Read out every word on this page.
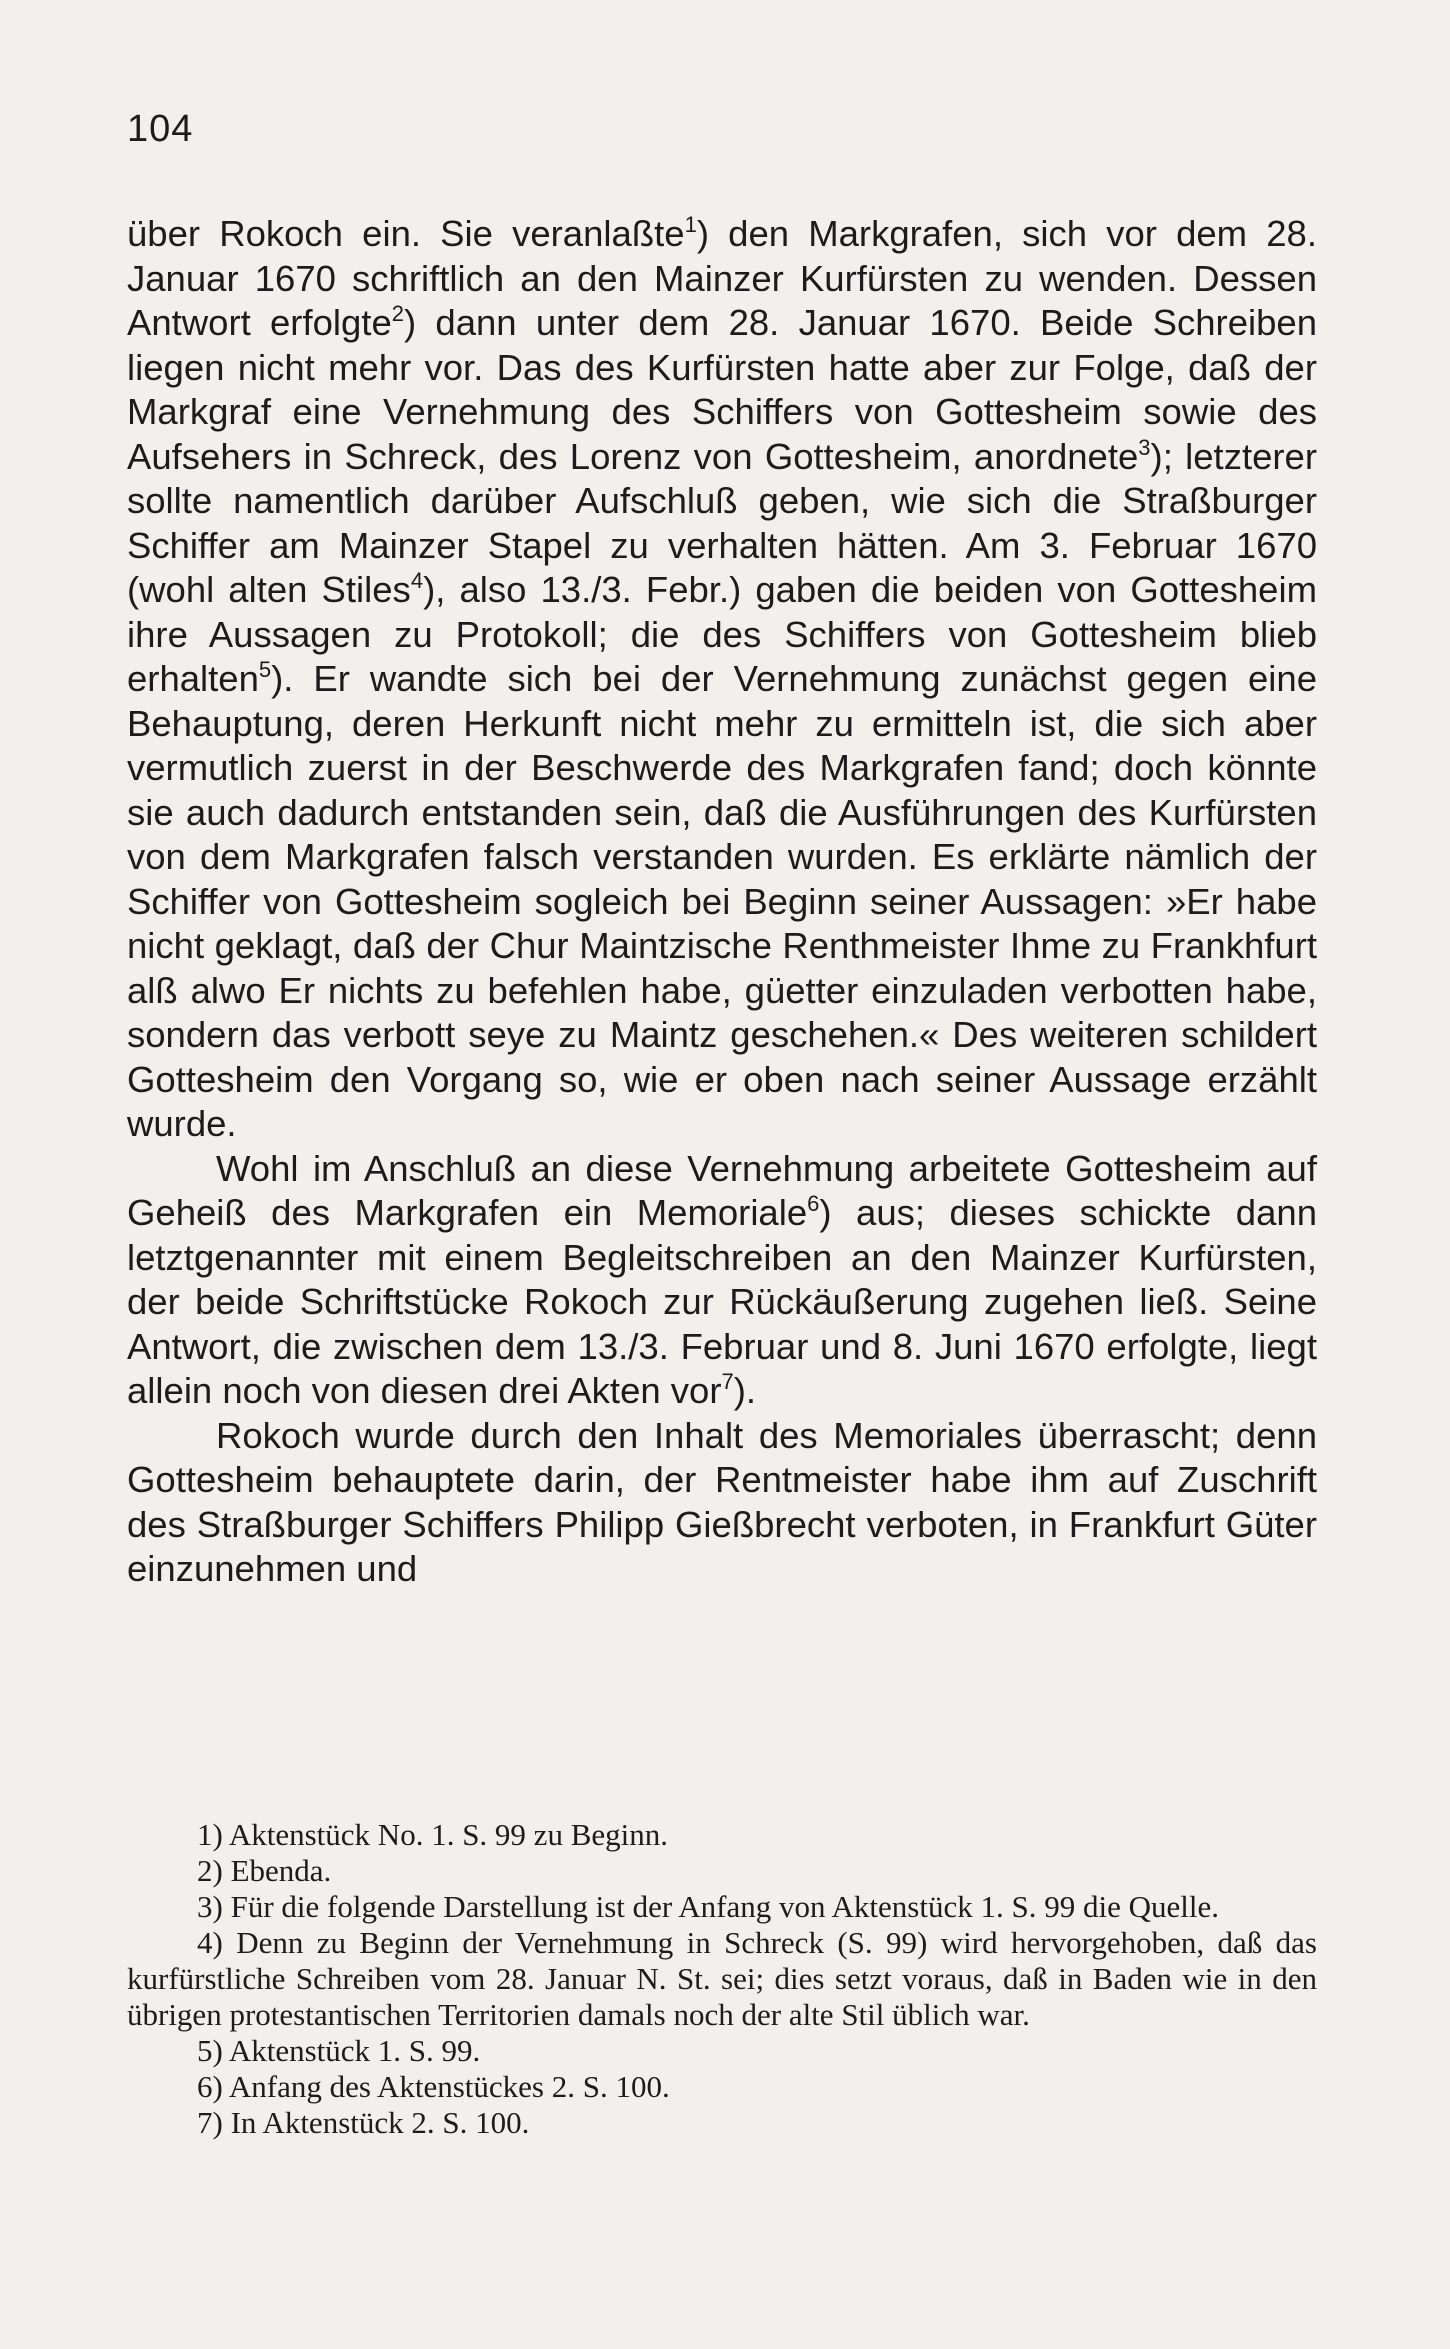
104

über Rokoch ein. Sie veranlaßte$^1$) den Markgrafen, sich vor dem 28. Januar 1670 schriftlich an den Mainzer Kurfürsten zu wenden. Dessen Antwort erfolgte$^2$) dann unter dem 28. Januar 1670. Beide Schreiben liegen nicht mehr vor. Das des Kurfürsten hatte aber zur Folge, daß der Markgraf eine Vernehmung des Schiffers von Gottesheim sowie des Aufsehers in Schreck, des Lorenz von Gottesheim, anordnete$^3$); letzterer sollte namentlich darüber Aufschluß geben, wie sich die Straßburger Schiffer am Mainzer Stapel zu verhalten hätten. Am 3. Februar 1670 (wohl alten Stiles$^4$), also 13./3. Febr.) gaben die beiden von Gottesheim ihre Aussagen zu Protokoll; die des Schiffers von Gottesheim blieb erhalten$^5$). Er wandte sich bei der Vernehmung zunächst gegen eine Behauptung, deren Herkunft nicht mehr zu ermitteln ist, die sich aber vermutlich zuerst in der Beschwerde des Markgrafen fand; doch könnte sie auch dadurch entstanden sein, daß die Ausführungen des Kurfürsten von dem Markgrafen falsch verstanden wurden. Es erklärte nämlich der Schiffer von Gottesheim sogleich bei Beginn seiner Aussagen: »Er habe nicht geklagt, daß der Chur Maintzische Renthmeister Ihme zu Frankhfurt alß alwo Er nichts zu befehlen habe, güetter einzuladen verbotten habe, sondern das verbott seye zu Maintz geschehen.« Des weiteren schildert Gottesheim den Vorgang so, wie er oben nach seiner Aussage erzählt wurde.

Wohl im Anschluß an diese Vernehmung arbeitete Gottesheim auf Geheiß des Markgrafen ein Memoriale$^6$) aus; dieses schickte dann letztgenannter mit einem Begleitschreiben an den Mainzer Kurfürsten, der beide Schriftstücke Rokoch zur Rückäußerung zugehen ließ. Seine Antwort, die zwischen dem 13./3. Februar und 8. Juni 1670 erfolgte, liegt allein noch von diesen drei Akten vor$^7$).

Rokoch wurde durch den Inhalt des Memoriales überrascht; denn Gottesheim behauptete darin, der Rentmeister habe ihm auf Zuschrift des Straßburger Schiffers Philipp Gießbrecht verboten, in Frankfurt Güter einzunehmen und

1) Aktenstück No. 1. S. 99 zu Beginn.

2) Ebenda.

3) Für die folgende Darstellung ist der Anfang von Aktenstück 1. S. 99 die Quelle.

4) Denn zu Beginn der Vernehmung in Schreck (S. 99) wird hervorgehoben, daß das kurfürstliche Schreiben vom 28. Januar N. St. sei; dies setzt voraus, daß in Baden wie in den übrigen protestantischen Territorien damals noch der alte Stil üblich war.

5) Aktenstück 1. S. 99.

6) Anfang des Aktenstückes 2. S. 100.

7) In Aktenstück 2. S. 100.
